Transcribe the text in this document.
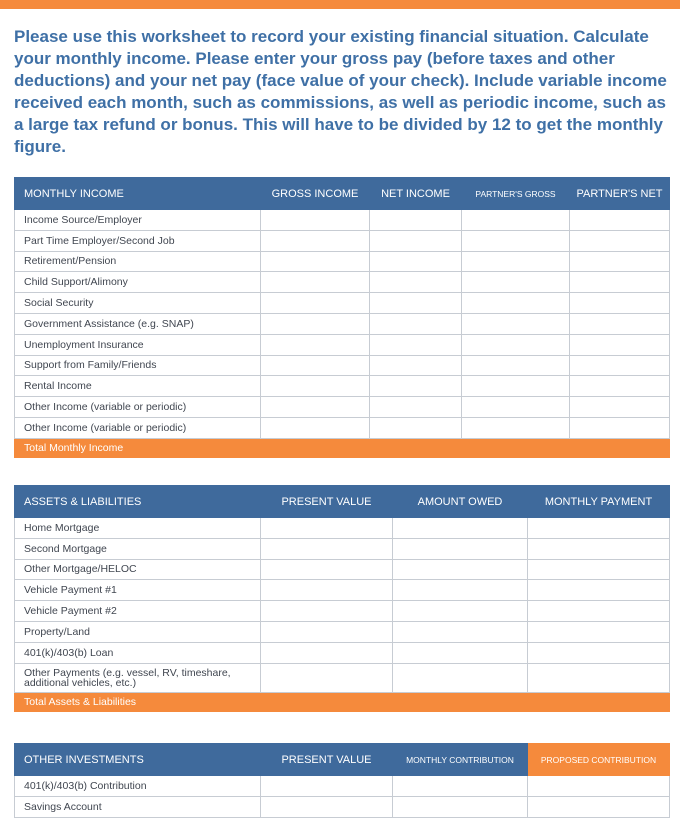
Please use this worksheet to record your existing financial situation. Calculate your monthly income. Please enter your gross pay (before taxes and other deductions) and your net pay (face value of your check). Include variable income received each month, such as commissions, as well as periodic income, such as a large tax refund or bonus. This will have to be divided by 12 to get the monthly figure.

MONTHLY INCOME	GROSS INCOME	NET INCOME	PARTNER'S GROSS	PARTNER'S NET
Income Source/Employer				
Part Time Employer/Second Job				
Retirement/Pension				
Child Support/Alimony				
Social Security				
Government Assistance (e.g. SNAP)				
Unemployment Insurance				
Support from Family/Friends				
Rental Income				
Other Income (variable or periodic)				
Other Income (variable or periodic)				
Total Monthly Income				
ASSETS & LIABILITIES	PRESENT VALUE	AMOUNT OWED	MONTHLY PAYMENT
Home Mortgage			
Second Mortgage			
Other Mortgage/HELOC			
Vehicle Payment #1			
Vehicle Payment #2			
Property/Land			
401(k)/403(b) Loan			
Other Payments (e.g. vessel, RV, timeshare, additional vehicles, etc.)			
Total Assets & Liabilities			
OTHER INVESTMENTS	PRESENT VALUE	MONTHLY CONTRIBUTION	PROPOSED CONTRIBUTION
401(k)/403(b) Contribution			
Savings Account			
